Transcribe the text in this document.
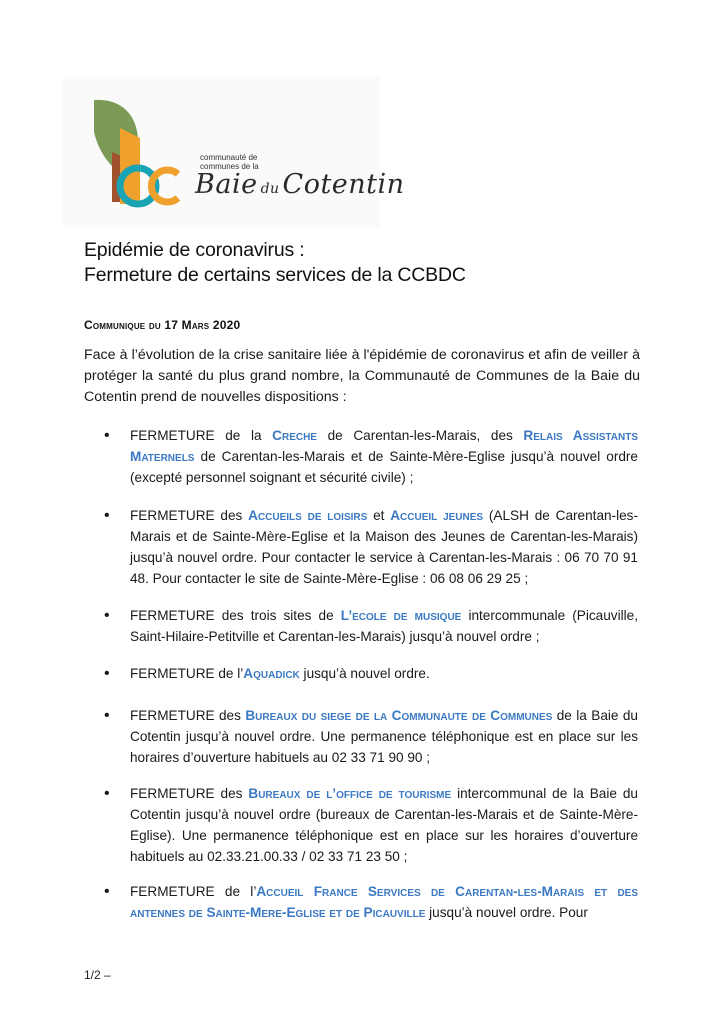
communauté de
communes de la
Baie du Cotentin
Epidémie de coronavirus :
Fermeture de certains services de la CCBDC
Communique du 17 Mars 2020
Face à l’évolution de la crise sanitaire liée à l'épidémie de coronavirus et afin de veiller à protéger la santé du plus grand nombre, la Communauté de Communes de la Baie du Cotentin prend de nouvelles dispositions :
• FERMETURE de la Creche de Carentan-les-Marais, des Relais Assistants Maternels de Carentan-les-Marais et de Sainte-Mère-Eglise jusqu’à nouvel ordre (excepté personnel soignant et sécurité civile) ;
• FERMETURE des Accueils de loisirs et Accueil jeunes (ALSH de Carentan-les-Marais et de Sainte-Mère-Eglise et la Maison des Jeunes de Carentan-les-Marais) jusqu’à nouvel ordre. Pour contacter le service à Carentan-les-Marais : 06 70 70 91 48. Pour contacter le site de Sainte-Mère-Eglise : 06 08 06 29 25 ;
• FERMETURE des trois sites de L’ecole de musique intercommunale (Picauville, Saint-Hilaire-Petitville et Carentan-les-Marais) jusqu’à nouvel ordre ;
• FERMETURE de l’Aquadick jusqu’à nouvel ordre.
• FERMETURE des Bureaux du siege de la Communaute de Communes de la Baie du Cotentin jusqu’à nouvel ordre. Une permanence téléphonique est en place sur les horaires d’ouverture habituels au 02 33 71 90 90 ;
• FERMETURE des Bureaux de l’office de tourisme intercommunal de la Baie du Cotentin jusqu’à nouvel ordre (bureaux de Carentan-les-Marais et de Sainte-Mère-Eglise). Une permanence téléphonique est en place sur les horaires d’ouverture habituels au 02.33.21.00.33 / 02 33 71 23 50 ;
• FERMETURE de l’Accueil France Services de Carentan-les-Marais et des antennes de Sainte-Mere-Eglise et de Picauville jusqu’à nouvel ordre. Pour
1/2 –
